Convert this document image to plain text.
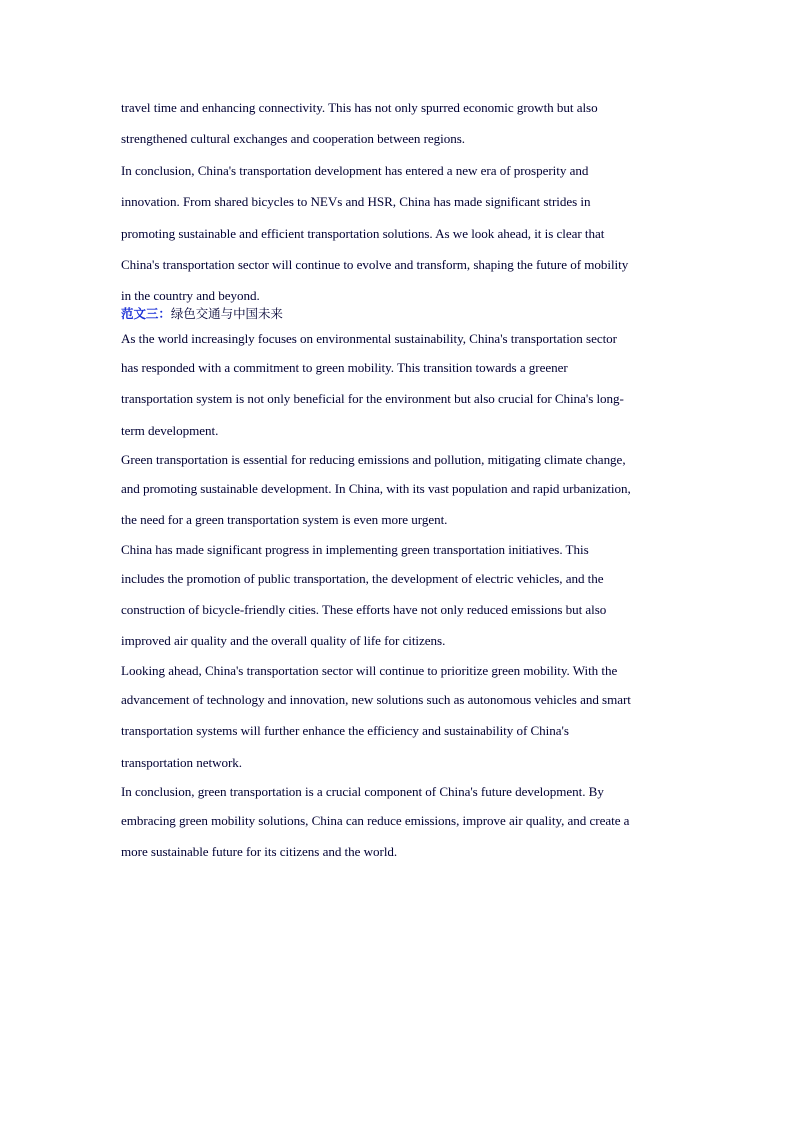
travel time and enhancing connectivity. This has not only spurred economic growth but also
strengthened cultural exchanges and cooperation between regions.
In conclusion, China's transportation development has entered a new era of prosperity and
innovation. From shared bicycles to NEVs and HSR, China has made significant strides in
promoting sustainable and efficient transportation solutions. As we look ahead, it is clear that
China's transportation sector will continue to evolve and transform, shaping the future of mobility
in the country and beyond.
范文三：绿色交通与中国未来
As the world increasingly focuses on environmental sustainability, China's transportation sector
has responded with a commitment to green mobility. This transition towards a greener
transportation system is not only beneficial for the environment but also crucial for China's long-
term development.
Green transportation is essential for reducing emissions and pollution, mitigating climate change,
and promoting sustainable development. In China, with its vast population and rapid urbanization,
the need for a green transportation system is even more urgent.
China has made significant progress in implementing green transportation initiatives. This
includes the promotion of public transportation, the development of electric vehicles, and the
construction of bicycle-friendly cities. These efforts have not only reduced emissions but also
improved air quality and the overall quality of life for citizens.
Looking ahead, China's transportation sector will continue to prioritize green mobility. With the
advancement of technology and innovation, new solutions such as autonomous vehicles and smart
transportation systems will further enhance the efficiency and sustainability of China's
transportation network.
In conclusion, green transportation is a crucial component of China's future development. By
embracing green mobility solutions, China can reduce emissions, improve air quality, and create a
more sustainable future for its citizens and the world.
